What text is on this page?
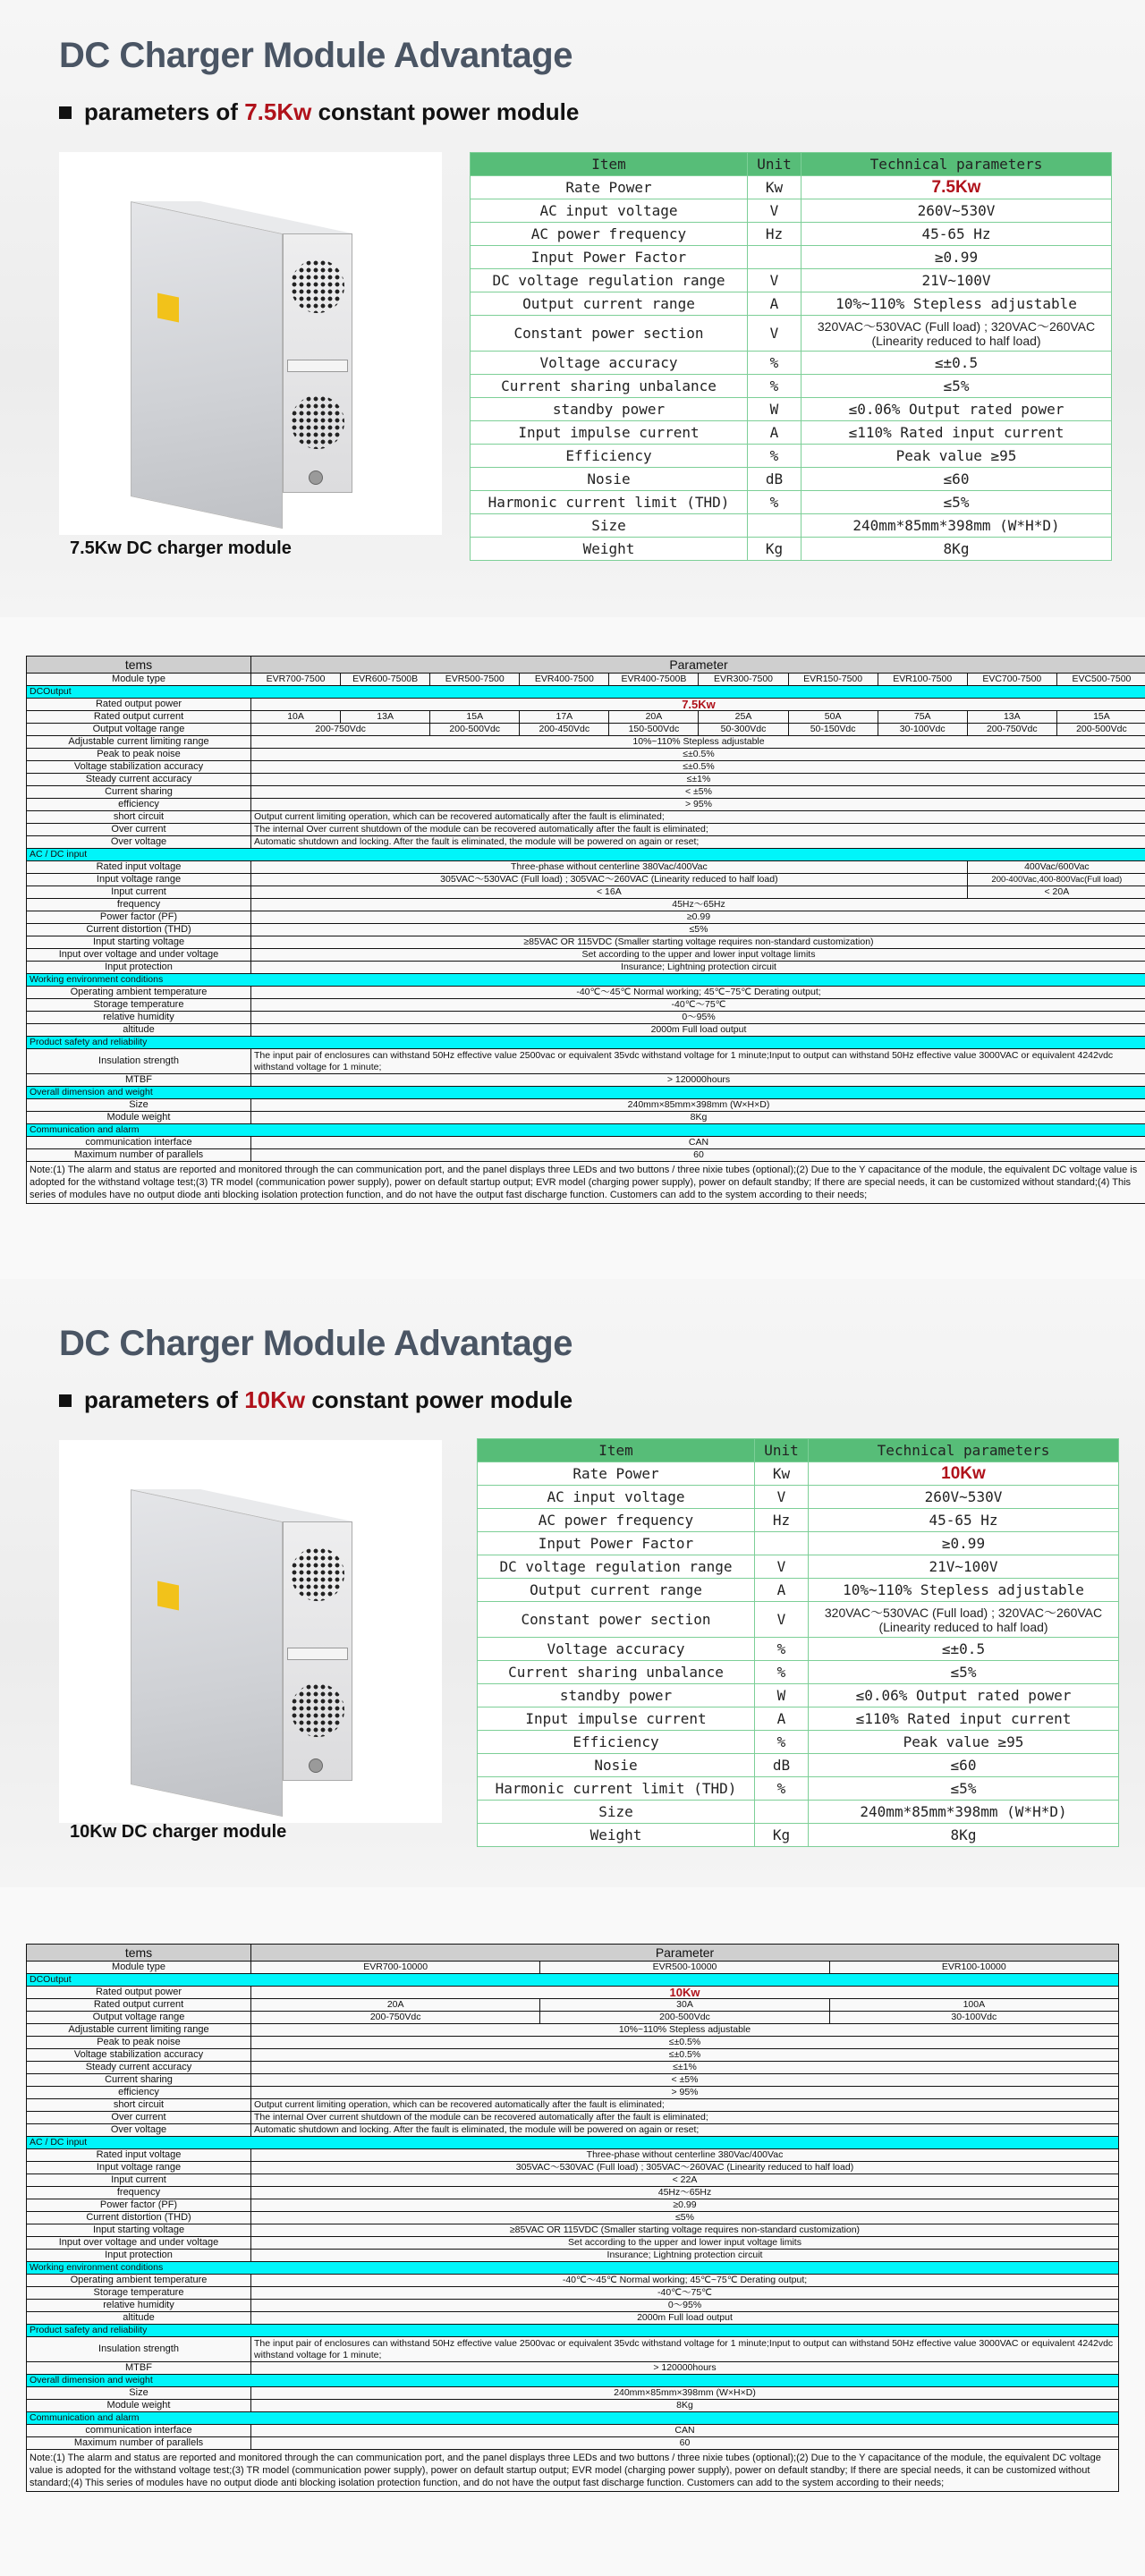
DC Charger Module Advantage
parameters of 7.5Kw constant power module
7.5Kw DC charger module
Item	Unit	Technical parameters
Rate Power	Kw	7.5Kw
AC input voltage	V	260V~530V
AC power frequency	Hz	45-65 Hz
Input Power Factor		≥0.99
DC voltage regulation range	V	21V~100V
Output current range	A	10%~110% Stepless adjustable
Constant power section	V	320VAC～530VAC (Full load) ; 320VAC～260VAC (Linearity reduced to half load)
Voltage accuracy	%	≤±0.5
Current sharing unbalance	%	≤5%
standby power	W	≤0.06% Output rated power
Input impulse current	A	≤110% Rated input current
Efficiency	%	Peak value ≥95
Nosie	dB	≤60
Harmonic current limit (THD)	%	≤5%
Size		240mm*85mm*398mm (W*H*D)
Weight	Kg	8Kg
tems	Parameter									
Module type	EVR700-7500	EVR600-7500B	EVR500-7500	EVR400-7500	EVR400-7500B	EVR300-7500	EVR150-7500	EVR100-7500	EVC700-7500	EVC500-7500
DCOutput										
Rated output power	7.5Kw									
Rated output current	10A	13A	15A	17A	20A	25A	50A	75A	13A	15A
Output voltage range	200-750Vdc		200-500Vdc	200-450Vdc	150-500Vdc	50-300Vdc	50-150Vdc	30-100Vdc	200-750Vdc	200-500Vdc
Adjustable current limiting range	10%~110% Stepless adjustable									
Peak to peak noise	≤±0.5%									
Voltage stabilization accuracy	≤±0.5%									
Steady current accuracy	≤±1%									
Current sharing	< ±5%									
efficiency	> 95%									
short circuit	Output current limiting operation, which can be recovered automatically after the fault is eliminated;									
Over current	The internal Over current shutdown of the module can be recovered automatically after the fault is eliminated;									
Over voltage	Automatic shutdown and locking. After the fault is eliminated, the module will be powered on again or reset;									
AC / DC input										
Rated input voltage	Three-phase without centerline 380Vac/400Vac								400Vac/600Vac	
Input voltage range	305VAC～530VAC (Full load) ; 305VAC～260VAC (Linearity reduced to half load)								200-400Vac,400-800Vac(Full load)	
Input current	< 16A								< 20A	
frequency	45Hz～65Hz									
Power factor (PF)	≥0.99									
Current distortion (THD)	≤5%									
Input starting voltage	≥85VAC OR 115VDC (Smaller starting voltage requires non-standard customization)									
Input over voltage and under voltage	Set according to the upper and lower input voltage limits									
Input protection	Insurance; Lightning protection circuit									
Working environment conditions										
Operating ambient temperature	-40℃～45℃ Normal working; 45℃~75℃ Derating output;									
Storage temperature	-40℃～75℃									
relative humidity	0～95%									
altitude	2000m Full load output									
Product safety and reliability										
Insulation strength	The input pair of enclosures can withstand 50Hz effective value 2500vac or equivalent 35vdc withstand voltage for 1 minute;Input to output can withstand 50Hz effective value 3000VAC or equivalent 4242vdc withstand voltage for 1 minute;									
MTBF	> 120000hours									
Overall dimension and weight										
Size	240mm×85mm×398mm (W×H×D)									
Module weight	8Kg									
Communication and alarm										
communication interface	CAN									
Maximum number of parallels	60									
Note:(1) The alarm and status are reported and monitored through the can communication port, and the panel displays three LEDs and two buttons / three nixie tubes (optional);(2) Due to the Y capacitance of the module, the equivalent DC voltage value is adopted for the withstand voltage test;(3) TR model (communication power supply), power on default startup output; EVR model (charging power supply), power on default standby; If there are special needs, it can be customized without standard;(4) This series of modules have no output diode anti blocking isolation protection function, and do not have the output fast discharge function. Customers can add to the system according to their needs;										
DC Charger Module Advantage
parameters of 10Kw constant power module
10Kw DC charger module
Item	Unit	Technical parameters
Rate Power	Kw	10Kw
AC input voltage	V	260V~530V
AC power frequency	Hz	45-65 Hz
Input Power Factor		≥0.99
DC voltage regulation range	V	21V~100V
Output current range	A	10%~110% Stepless adjustable
Constant power section	V	320VAC～530VAC (Full load) ; 320VAC～260VAC (Linearity reduced to half load)
Voltage accuracy	%	≤±0.5
Current sharing unbalance	%	≤5%
standby power	W	≤0.06% Output rated power
Input impulse current	A	≤110% Rated input current
Efficiency	%	Peak value ≥95
Nosie	dB	≤60
Harmonic current limit (THD)	%	≤5%
Size		240mm*85mm*398mm (W*H*D)
Weight	Kg	8Kg
tems	Parameter		
Module type	EVR700-10000	EVR500-10000	EVR100-10000
DCOutput			
Rated output power	10Kw		
Rated output current	20A	30A	100A
Output voltage range	200-750Vdc	200-500Vdc	30-100Vdc
Adjustable current limiting range	10%~110% Stepless adjustable		
Peak to peak noise	≤±0.5%		
Voltage stabilization accuracy	≤±0.5%		
Steady current accuracy	≤±1%		
Current sharing	< ±5%		
efficiency	> 95%		
short circuit	Output current limiting operation, which can be recovered automatically after the fault is eliminated;		
Over current	The internal Over current shutdown of the module can be recovered automatically after the fault is eliminated;		
Over voltage	Automatic shutdown and locking. After the fault is eliminated, the module will be powered on again or reset;		
AC / DC input			
Rated input voltage	Three-phase without centerline 380Vac/400Vac		
Input voltage range	305VAC～530VAC (Full load) ; 305VAC～260VAC (Linearity reduced to half load)		
Input current	< 22A		
frequency	45Hz～65Hz		
Power factor (PF)	≥0.99		
Current distortion (THD)	≤5%		
Input starting voltage	≥85VAC OR 115VDC (Smaller starting voltage requires non-standard customization)		
Input over voltage and under voltage	Set according to the upper and lower input voltage limits		
Input protection	Insurance; Lightning protection circuit		
Working environment conditions			
Operating ambient temperature	-40℃～45℃ Normal working; 45℃~75℃ Derating output;		
Storage temperature	-40℃～75℃		
relative humidity	0～95%		
altitude	2000m Full load output		
Product safety and reliability			
Insulation strength	The input pair of enclosures can withstand 50Hz effective value 2500vac or equivalent 35vdc withstand voltage for 1 minute;Input to output can withstand 50Hz effective value 3000VAC or equivalent 4242vdc withstand voltage for 1 minute;		
MTBF	> 120000hours		
Overall dimension and weight			
Size	240mm×85mm×398mm (W×H×D)		
Module weight	8Kg		
Communication and alarm			
communication interface	CAN		
Maximum number of parallels	60		
Note:(1) The alarm and status are reported and monitored through the can communication port, and the panel displays three LEDs and two buttons / three nixie tubes (optional);(2) Due to the Y capacitance of the module, the equivalent DC voltage value is adopted for the withstand voltage test;(3) TR model (communication power supply), power on default startup output; EVR model (charging power supply), power on default standby; If there are special needs, it can be customized without standard;(4) This series of modules have no output diode anti blocking isolation protection function, and do not have the output fast discharge function. Customers can add to the system according to their needs;			
